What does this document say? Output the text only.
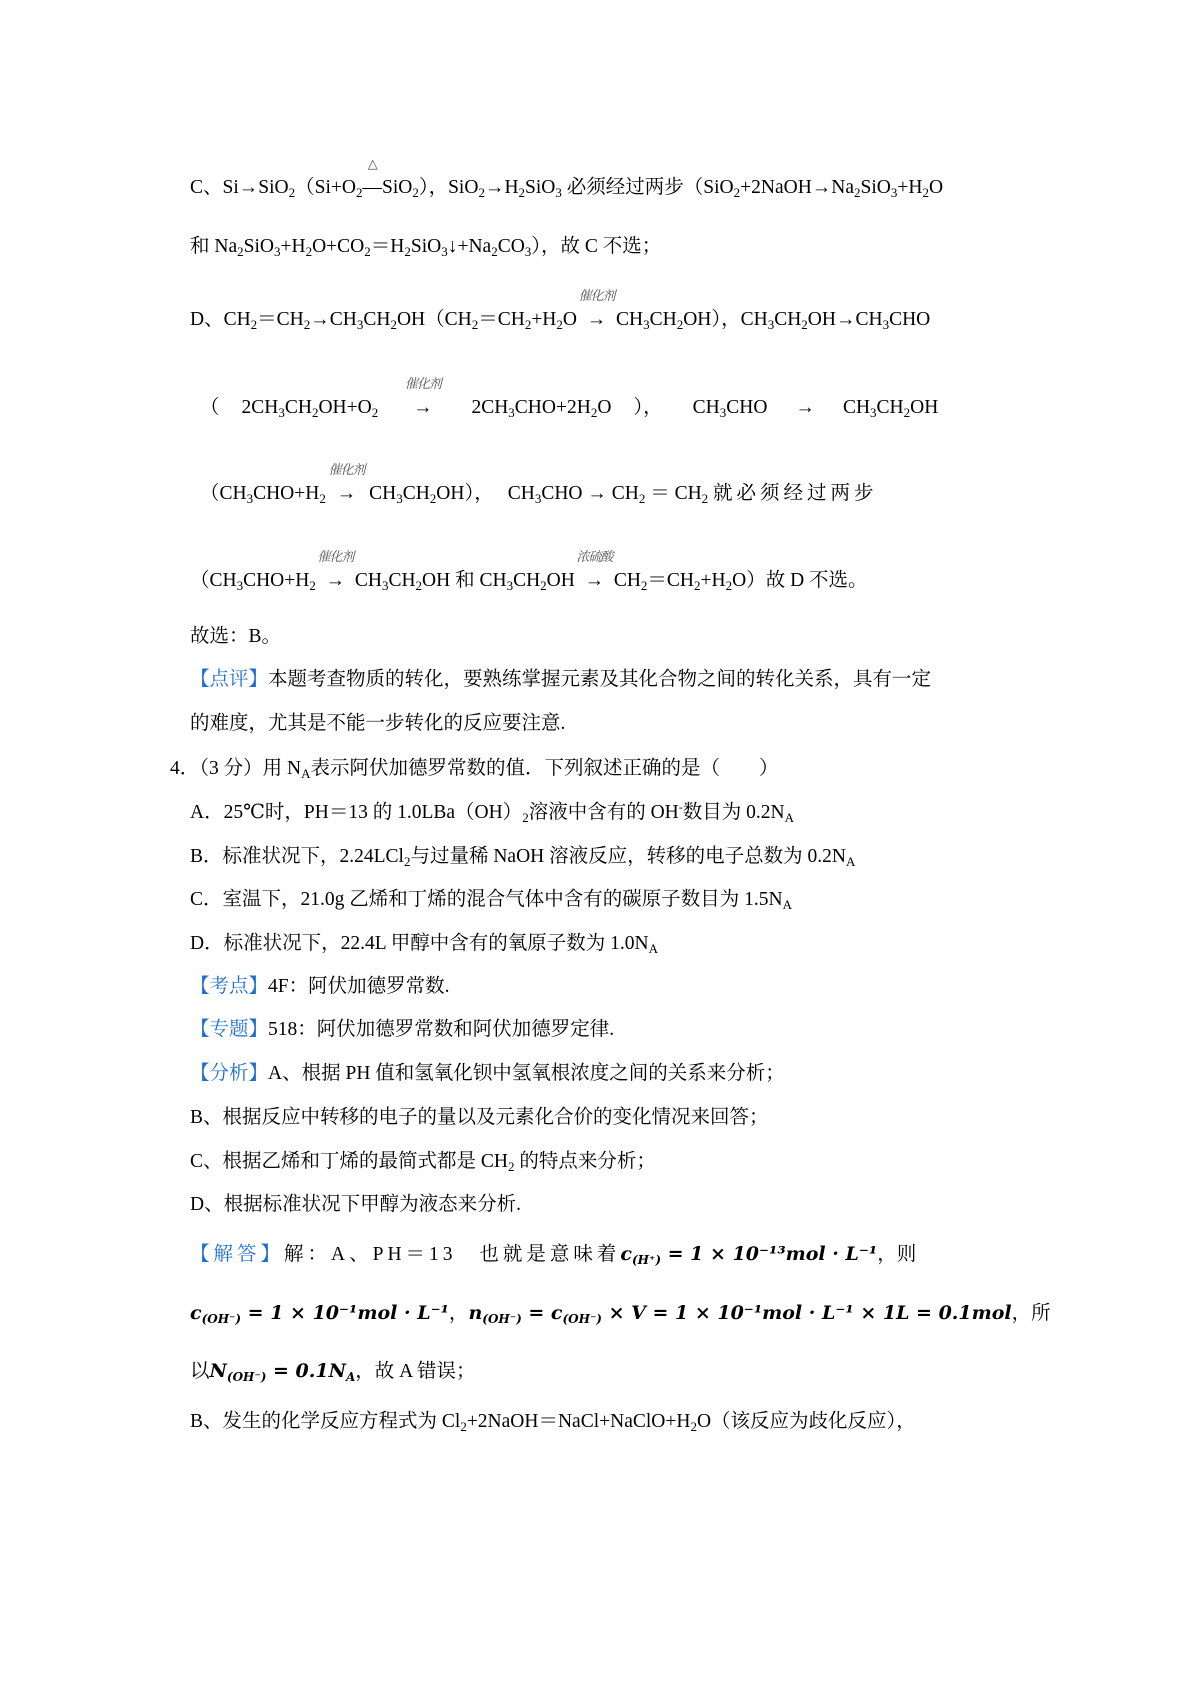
C、$Si\to SiO_2(Si+O_2$
△
―SiO$_2$），$SiO_2\to H_2SiO_3$ 必须经过两步（$SiO_2+2NaOH\to Na_2SiO_3+H_2O$
和 $Na_2SiO_3+H_2O+CO_2=H_2SiO_3↓+Na_2CO_3$），故 C 不选；
D、$CH_2=CH_2\to CH_3CH_2OH(CH_2=CH_2+H_2O$  →
催化剂
$CH_3CH_2OH$），$CH_3CH_2OH\to CH_3CHO$
（ $2CH_3CH_2OH+O_2$ →
催化剂
$2CH_3CHO+2H_2O$ ）， $CH_3CHO \to CH_3CH_2OH$
（$CH_3CHO+H_2$ →
催化剂
$CH_3CH_2OH$）， $CH_3CHO \to CH_2 = CH_2$ 就必须经过两步
（$CH_3CHO+H_2$  →
催化剂
$CH_3CH_2OH$ 和 $CH_3CH_2OH$  →
浓硫酸
$CH_2=CH_2+H_2O$）故 D 不选。
故选：B。
【点评】本题考查物质的转化，要熟练掌握元素及其化合物之间的转化关系，具有一定
的难度，尤其是不能一步转化的反应要注意.
4．（3 分）用 $N_A$表示阿伏加德罗常数的值．下列叙述正确的是（　　）
A．25℃时，PH＝13 的 $1.0LBa(OH)_2$溶液中含有的 OH-数目为 $0.2N_A$
B．标准状况下，2.24LCl$_2$与过量稀 NaOH 溶液反应，转移的电子总数为 $0.2N_A$
C．室温下，21.0g 乙烯和丁烯的混合气体中含有的碳原子数目为 $1.5N_A$
D．标准状况下，22.4L 甲醇中含有的氧原子数为 $1.0N_A$
【考点】4F：阿伏加德罗常数.
【专题】518：阿伏加德罗常数和阿伏加德罗定律.
【分析】A、根据 PH 值和氢氧化钡中氢氧根浓度之间的关系来分析；
B、根据反应中转移的电子的量以及元素化合价的变化情况来回答；
C、根据乙烯和丁烯的最简式都是 $CH_2$ 的特点来分析；
D、根据标准状况下甲醇为液态来分析.
【解答】解：A、PH＝13 也就是意味着$c_{(H^+)} = 1 \times 10^{-13}mol \cdot L^{-1}$，则
$c_{(OH^-)} = 1 \times 10^{-1}mol \cdot L^{-1}$，$n_{(OH^-)} = c_{(OH^-)} \times V = 1 \times 10^{-1}mol \cdot L^{-1} \times 1L = 0.1mol$，所
以$N_{(OH^-)} = 0.1N_A$，故 A 错误；
B、发生的化学反应方程式为 $Cl_2+2NaOH=NaCl+NaClO+H_2O$（该反应为歧化反应），
